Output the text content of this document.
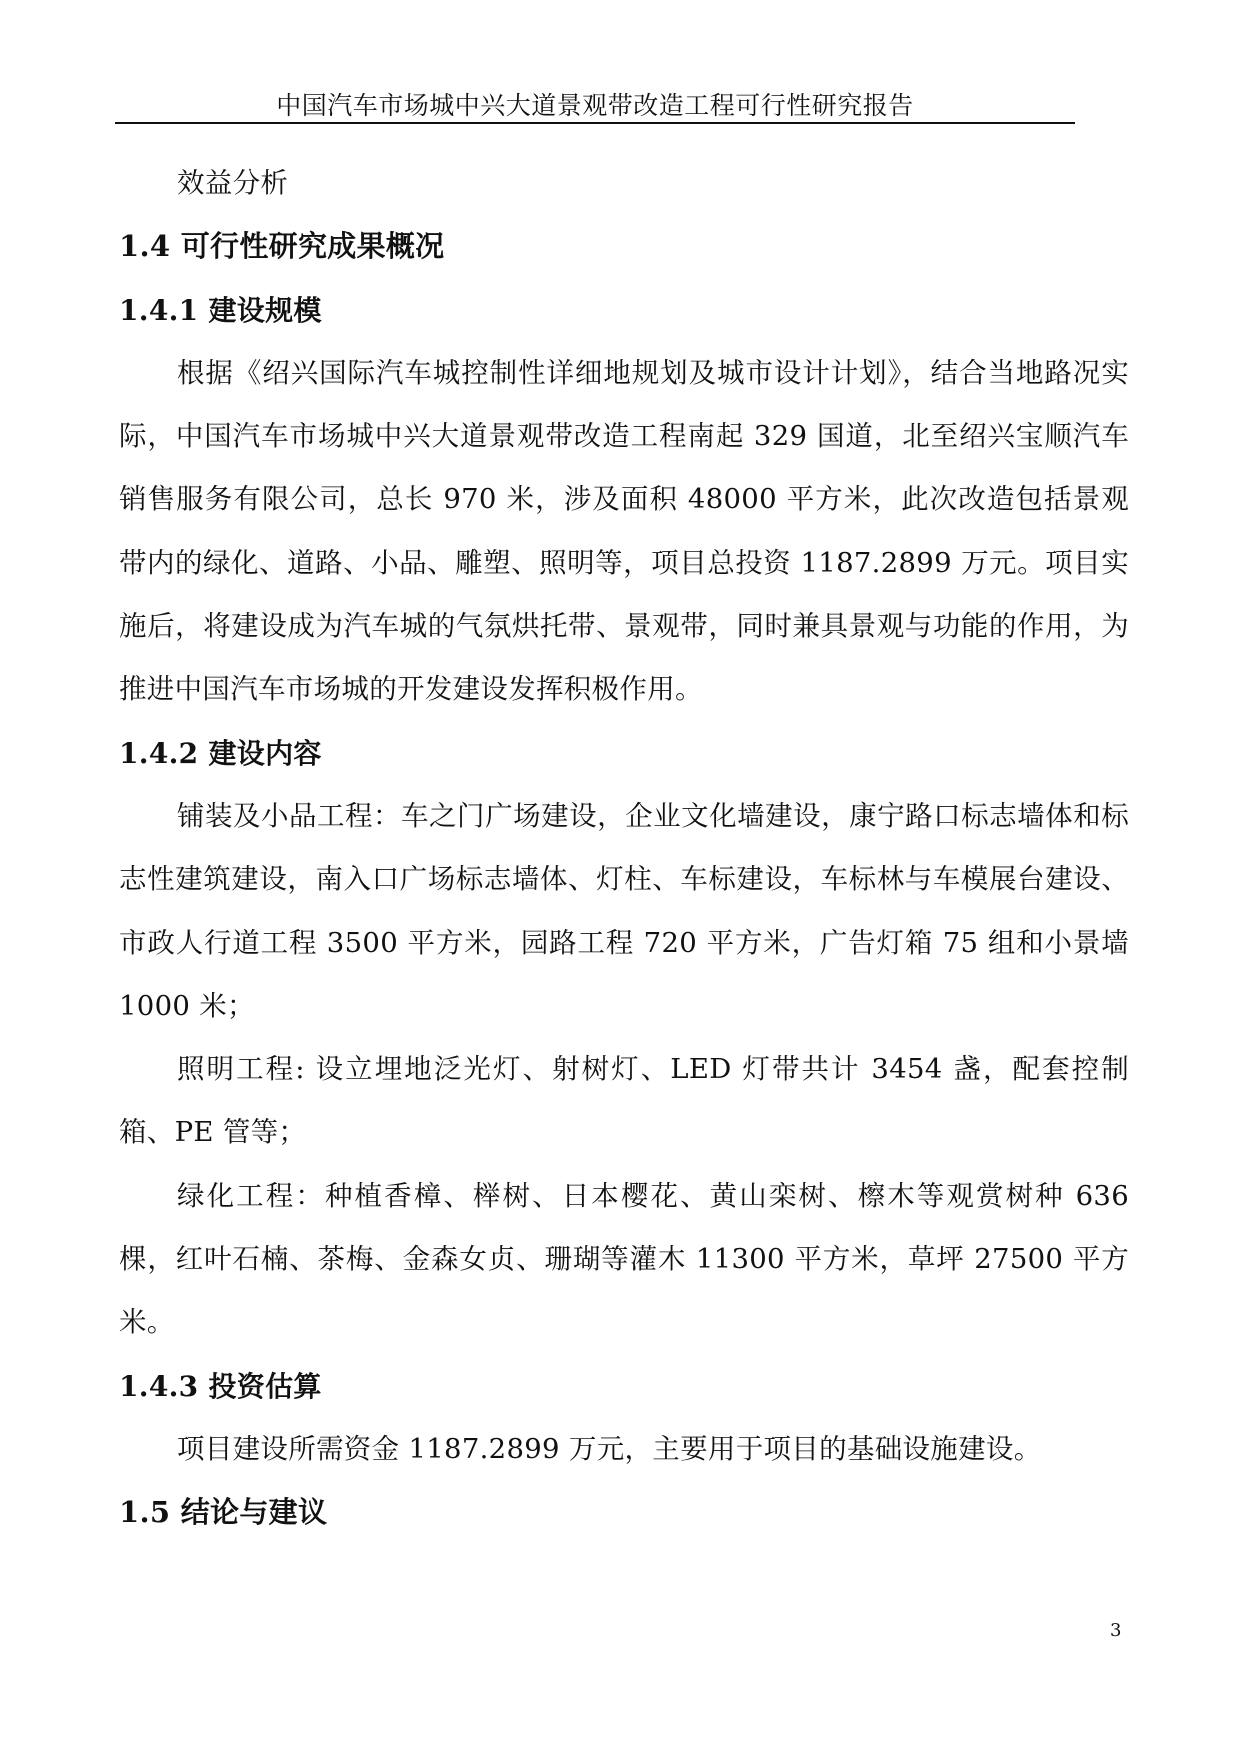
中国汽车市场城中兴大道景观带改造工程可行性研究报告

效益分析

1.4 可行性研究成果概况
1.4.1 建设规模

根据《绍兴国际汽车城控制性详细地规划及城市设计计划》，结合当地路况实际，中国汽车市场城中兴大道景观带改造工程南起 329 国道，北至绍兴宝顺汽车销售服务有限公司，总长 970 米，涉及面积 48000 平方米，此次改造包括景观带内的绿化、道路、小品、雕塑、照明等，项目总投资 1187.2899 万元。项目实施后，将建设成为汽车城的气氛烘托带、景观带，同时兼具景观与功能的作用，为推进中国汽车市场城的开发建设发挥积极作用。

1.4.2 建设内容

铺装及小品工程：车之门广场建设，企业文化墙建设，康宁路口标志墙体和标志性建筑建设，南入口广场标志墙体、灯柱、车标建设，车标林与车模展台建设、市政人行道工程 3500 平方米，园路工程 720 平方米，广告灯箱 75 组和小景墙 1000 米；

照明工程: 设立埋地泛光灯、射树灯、LED 灯带共计 3454 盏，配套控制箱、PE 管等；

绿化工程：种植香樟、榉树、日本樱花、黄山栾树、檫木等观赏树种 636 棵，红叶石楠、茶梅、金森女贞、珊瑚等灌木 11300 平方米，草坪 27500 平方米。

1.4.3 投资估算

项目建设所需资金 1187.2899 万元，主要用于项目的基础设施建设。

1.5 结论与建议
3
